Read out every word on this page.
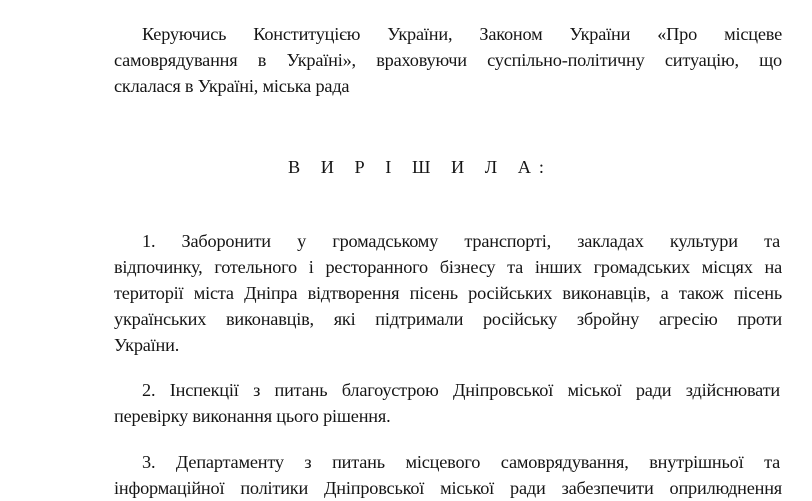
Керуючись Конституцією України, Законом України «Про місцеве
самоврядування в Україні», враховуючи суспільно-політичну ситуацію, що
склалася в Україні, міська рада
В И Р І Ш И Л А:
1. Заборонити у громадському транспорті, закладах культури та
відпочинку, готельного і ресторанного бізнесу та інших громадських місцях на
території міста Дніпра відтворення пісень російських виконавців, а також пісень
українських виконавців, які підтримали російську збройну агресію проти
України.
2. Інспекції з питань благоустрою Дніпровської міської ради здійснювати
перевірку виконання цього рішення.
3. Департаменту з питань місцевого самоврядування, внутрішньої та
інформаційної політики Дніпровської міської ради забезпечити оприлюднення
